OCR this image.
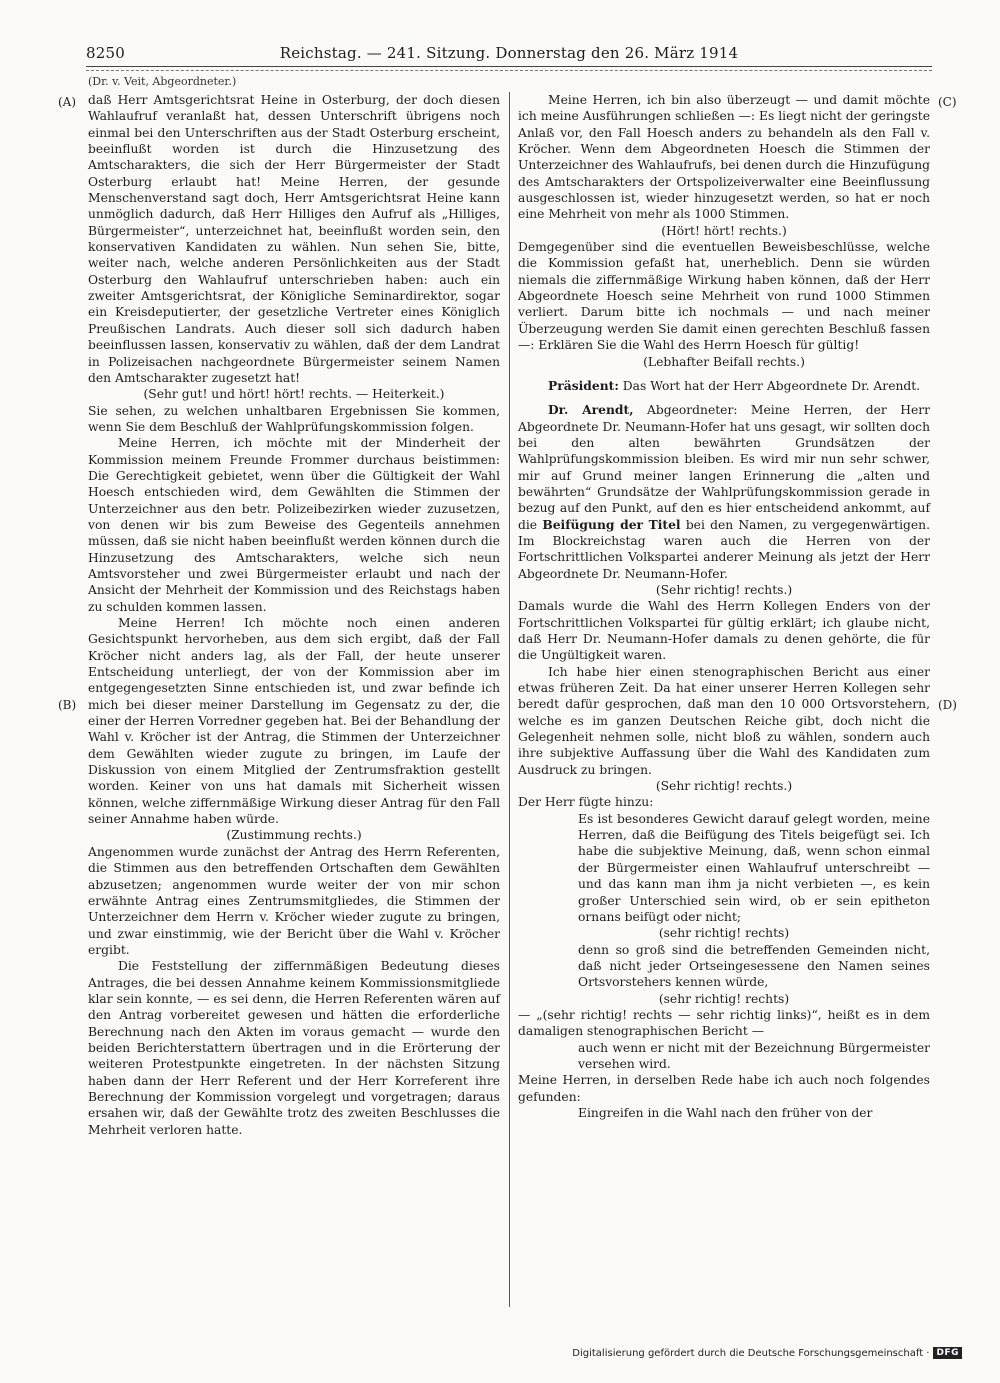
8250	Reichstag. — 241. Sitzung. Donnerstag den 26. März 1914
(A)
(B)
(C)
(D)
(Dr. v. Veit, Abgeordneter.)

daß Herr Amtsgerichtsrat Heine in Osterburg, der doch diesen Wahlaufruf veranlaßt hat, dessen Unterschrift übrigens noch einmal bei den Unterschriften aus der Stadt Osterburg erscheint, beeinflußt worden ist durch die Hinzusetzung des Amtscharakters, die sich der Herr Bürgermeister der Stadt Osterburg erlaubt hat! Meine Herren, der gesunde Menschenverstand sagt doch, Herr Amtsgerichtsrat Heine kann unmöglich dadurch, daß Herr Hilliges den Aufruf als „Hilliges, Bürgermeister“, unterzeichnet hat, beeinflußt worden sein, den konservativen Kandidaten zu wählen. Nun sehen Sie, bitte, weiter nach, welche anderen Persönlichkeiten aus der Stadt Osterburg den Wahlaufruf unterschrieben haben: auch ein zweiter Amtsgerichtsrat, der Königliche Seminardirektor, sogar ein Kreisdeputierter, der gesetzliche Vertreter eines Königlich Preußischen Landrats. Auch dieser soll sich dadurch haben beeinflussen lassen, konservativ zu wählen, daß der dem Landrat in Polizeisachen nachgeordnete Bürgermeister seinem Namen den Amtscharakter zugesetzt hat!

(Sehr gut! und hört! hört! rechts. — Heiterkeit.)

Sie sehen, zu welchen unhaltbaren Ergebnissen Sie kommen, wenn Sie dem Beschluß der Wahlprüfungskommission folgen.

Meine Herren, ich möchte mit der Minderheit der Kommission meinem Freunde Frommer durchaus beistimmen: Die Gerechtigkeit gebietet, wenn über die Gültigkeit der Wahl Hoesch entschieden wird, dem Gewählten die Stimmen der Unterzeichner aus den betr. Polizeibezirken wieder zuzusetzen, von denen wir bis zum Beweise des Gegenteils annehmen müssen, daß sie nicht haben beeinflußt werden können durch die Hinzusetzung des Amtscharakters, welche sich neun Amtsvorsteher und zwei Bürgermeister erlaubt und nach der Ansicht der Mehrheit der Kommission und des Reichstags haben zu schulden kommen lassen.

Meine Herren! Ich möchte noch einen anderen Gesichtspunkt hervorheben, aus dem sich ergibt, daß der Fall Kröcher nicht anders lag, als der Fall, der heute unserer Entscheidung unterliegt, der von der Kommission aber im entgegengesetzten Sinne entschieden ist, und zwar befinde ich mich bei dieser meiner Darstellung im Gegensatz zu der, die einer der Herren Vorredner gegeben hat. Bei der Behandlung der Wahl v. Kröcher ist der Antrag, die Stimmen der Unterzeichner dem Gewählten wieder zugute zu bringen, im Laufe der Diskussion von einem Mitglied der Zentrumsfraktion gestellt worden. Keiner von uns hat damals mit Sicherheit wissen können, welche ziffernmäßige Wirkung dieser Antrag für den Fall seiner Annahme haben würde.

(Zustimmung rechts.)

Angenommen wurde zunächst der Antrag des Herrn Referenten, die Stimmen aus den betreffenden Ortschaften dem Gewählten abzusetzen; angenommen wurde weiter der von mir schon erwähnte Antrag eines Zentrumsmitgliedes, die Stimmen der Unterzeichner dem Herrn v. Kröcher wieder zugute zu bringen, und zwar einstimmig, wie der Bericht über die Wahl v. Kröcher ergibt.

Die Feststellung der ziffernmäßigen Bedeutung dieses Antrages, die bei dessen Annahme keinem Kommissionsmitgliede klar sein konnte, — es sei denn, die Herren Referenten wären auf den Antrag vorbereitet gewesen und hätten die erforderliche Berechnung nach den Akten im voraus gemacht — wurde den beiden Berichterstattern übertragen und in die Erörterung der weiteren Protestpunkte eingetreten. In der nächsten Sitzung haben dann der Herr Referent und der Herr Korreferent ihre Berechnung der Kommission vorgelegt und vorgetragen; daraus ersahen wir, daß der Gewählte trotz des zweiten Beschlusses die Mehrheit verloren hatte.

Meine Herren, ich bin also überzeugt — und damit möchte ich meine Ausführungen schließen —: Es liegt nicht der geringste Anlaß vor, den Fall Hoesch anders zu behandeln als den Fall v. Kröcher. Wenn dem Abgeordneten Hoesch die Stimmen der Unterzeichner des Wahlaufrufs, bei denen durch die Hinzufügung des Amtscharakters der Ortspolizeiverwalter eine Beeinflussung ausgeschlossen ist, wieder hinzugesetzt werden, so hat er noch eine Mehrheit von mehr als 1000 Stimmen.

(Hört! hört! rechts.)

Demgegenüber sind die eventuellen Beweisbeschlüsse, welche die Kommission gefaßt hat, unerheblich. Denn sie würden niemals die ziffernmäßige Wirkung haben können, daß der Herr Abgeordnete Hoesch seine Mehrheit von rund 1000 Stimmen verliert. Darum bitte ich nochmals — und nach meiner Überzeugung werden Sie damit einen gerechten Beschluß fassen —: Erklären Sie die Wahl des Herrn Hoesch für gültig!

(Lebhafter Beifall rechts.)

Präsident: Das Wort hat der Herr Abgeordnete Dr. Arendt.

Dr. Arendt, Abgeordneter: Meine Herren, der Herr Abgeordnete Dr. Neumann-Hofer hat uns gesagt, wir sollten doch bei den alten bewährten Grundsätzen der Wahlprüfungskommission bleiben. Es wird mir nun sehr schwer, mir auf Grund meiner langen Erinnerung die „alten und bewährten“ Grundsätze der Wahlprüfungskommission gerade in bezug auf den Punkt, auf den es hier entscheidend ankommt, auf die Beifügung der Titel bei den Namen, zu vergegenwärtigen. Im Blockreichstag waren auch die Herren von der Fortschrittlichen Volkspartei anderer Meinung als jetzt der Herr Abgeordnete Dr. Neumann-Hofer.

(Sehr richtig! rechts.)

Damals wurde die Wahl des Herrn Kollegen Enders von der Fortschrittlichen Volkspartei für gültig erklärt; ich glaube nicht, daß Herr Dr. Neumann-Hofer damals zu denen gehörte, die für die Ungültigkeit waren.

Ich habe hier einen stenographischen Bericht aus einer etwas früheren Zeit. Da hat einer unserer Herren Kollegen sehr beredt dafür gesprochen, daß man den 10 000 Ortsvorstehern, welche es im ganzen Deutschen Reiche gibt, doch nicht die Gelegenheit nehmen solle, nicht bloß zu wählen, sondern auch ihre subjektive Auffassung über die Wahl des Kandidaten zum Ausdruck zu bringen.

(Sehr richtig! rechts.)

Der Herr fügte hinzu:

Es ist besonderes Gewicht darauf gelegt worden, meine Herren, daß die Beifügung des Titels beigefügt sei. Ich habe die subjektive Meinung, daß, wenn schon einmal der Bürgermeister einen Wahlaufruf unterschreibt — und das kann man ihm ja nicht verbieten —, es kein großer Unterschied sein wird, ob er sein epitheton ornans beifügt oder nicht;

(sehr richtig! rechts)

denn so groß sind die betreffenden Gemeinden nicht, daß nicht jeder Ortseingesessene den Namen seines Ortsvorstehers kennen würde,

(sehr richtig! rechts)

— „(sehr richtig! rechts — sehr richtig links)“, heißt es in dem damaligen stenographischen Bericht —

auch wenn er nicht mit der Bezeichnung Bürgermeister versehen wird.

Meine Herren, in derselben Rede habe ich auch noch folgendes gefunden:

Eingreifen in die Wahl nach den früher von der

Digitalisierung gefördert durch die Deutsche Forschungsgemeinschaft · DFG
